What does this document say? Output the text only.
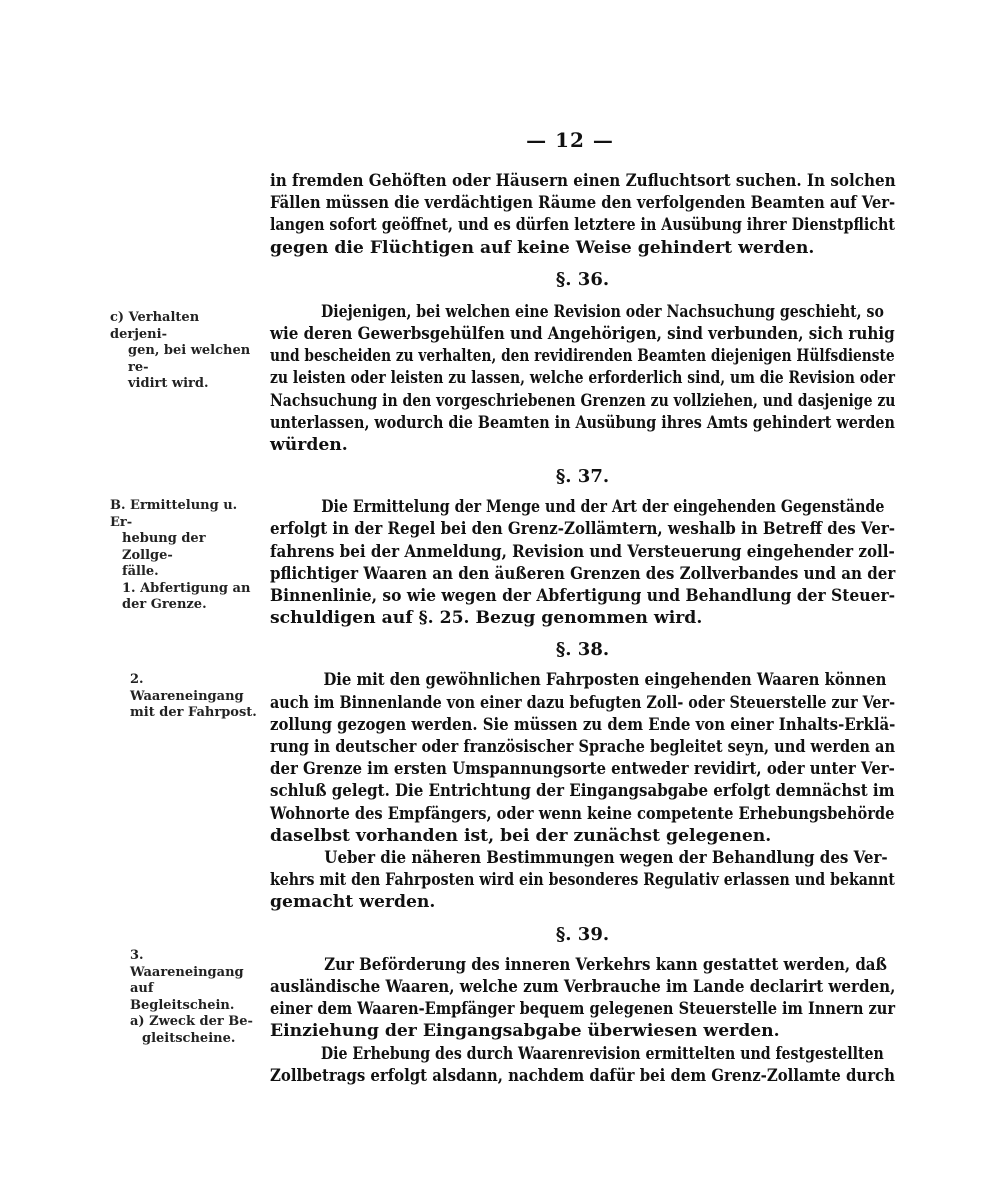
— 12 —

c) Verhalten derjeni-

gen, bei welchen re-

vidirt wird.

B. Ermittelung u. Er-

hebung der Zollge-

fälle.

1. Abfertigung an

der Grenze.

2. Waareneingang

mit der Fahrpost.

3. Waareneingang

auf Begleitschein.

a) Zweck der Be-

gleitscheine.

in fremden Gehöften oder Häusern einen Zufluchtsort suchen. In solchen

Fällen müssen die verdächtigen Räume den verfolgenden Beamten auf Ver-

langen sofort geöffnet, und es dürfen letztere in Ausübung ihrer Dienstpflicht

gegen die Flüchtigen auf keine Weise gehindert werden.

§. 36.

Diejenigen, bei welchen eine Revision oder Nachsuchung geschieht, so

wie deren Gewerbsgehülfen und Angehörigen, sind verbunden, sich ruhig

und bescheiden zu verhalten, den revidirenden Beamten diejenigen Hülfsdienste

zu leisten oder leisten zu lassen, welche erforderlich sind, um die Revision oder

Nachsuchung in den vorgeschriebenen Grenzen zu vollziehen, und dasjenige zu

unterlassen, wodurch die Beamten in Ausübung ihres Amts gehindert werden

würden.

§. 37.

Die Ermittelung der Menge und der Art der eingehenden Gegenstände

erfolgt in der Regel bei den Grenz-Zollämtern, weshalb in Betreff des Ver-

fahrens bei der Anmeldung, Revision und Versteuerung eingehender zoll-

pflichtiger Waaren an den äußeren Grenzen des Zollverbandes und an der

Binnenlinie, so wie wegen der Abfertigung und Behandlung der Steuer-

schuldigen auf §. 25. Bezug genommen wird.

§. 38.

Die mit den gewöhnlichen Fahrposten eingehenden Waaren können

auch im Binnenlande von einer dazu befugten Zoll- oder Steuerstelle zur Ver-

zollung gezogen werden. Sie müssen zu dem Ende von einer Inhalts-Erklä-

rung in deutscher oder französischer Sprache begleitet seyn, und werden an

der Grenze im ersten Umspannungsorte entweder revidirt, oder unter Ver-

schluß gelegt. Die Entrichtung der Eingangsabgabe erfolgt demnächst im

Wohnorte des Empfängers, oder wenn keine competente Erhebungsbehörde

daselbst vorhanden ist, bei der zunächst gelegenen.

Ueber die näheren Bestimmungen wegen der Behandlung des Ver-

kehrs mit den Fahrposten wird ein besonderes Regulativ erlassen und bekannt

gemacht werden.

§. 39.

Zur Beförderung des inneren Verkehrs kann gestattet werden, daß

ausländische Waaren, welche zum Verbrauche im Lande declarirt werden,

einer dem Waaren-Empfänger bequem gelegenen Steuerstelle im Innern zur

Einziehung der Eingangsabgabe überwiesen werden.

Die Erhebung des durch Waarenrevision ermittelten und festgestellten

Zollbetrags erfolgt alsdann, nachdem dafür bei dem Grenz-Zollamte durch
